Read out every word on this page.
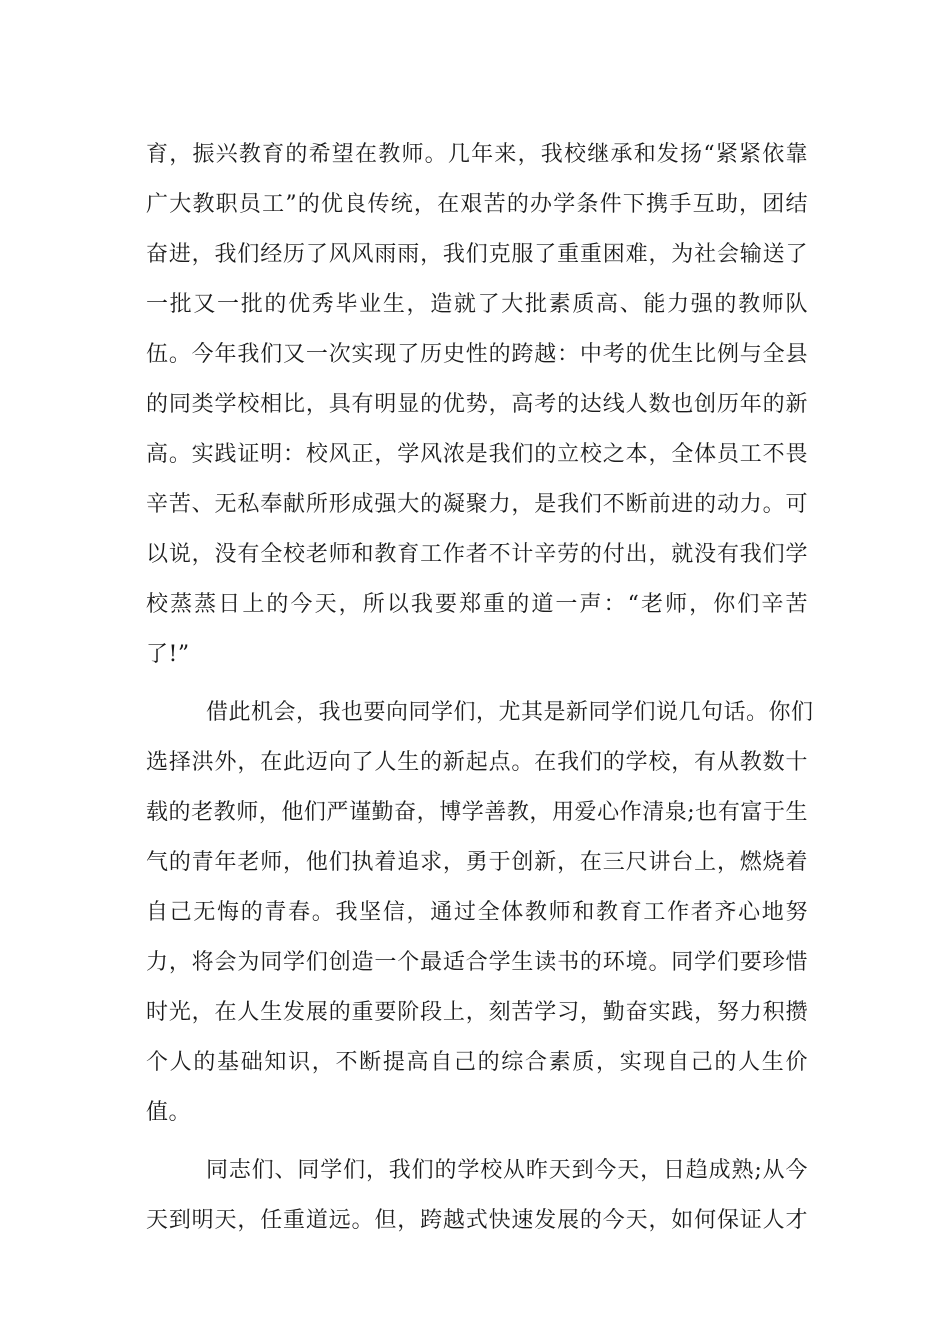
育，振兴教育的希望在教师。几年来，我校继承和发扬“紧紧依靠
广大教职员工”的优良传统，在艰苦的办学条件下携手互助，团结
奋进，我们经历了风风雨雨，我们克服了重重困难，为社会输送了
一批又一批的优秀毕业生，造就了大批素质高、能力强的教师队
伍。今年我们又一次实现了历史性的跨越：中考的优生比例与全县
的同类学校相比，具有明显的优势，高考的达线人数也创历年的新
高。实践证明：校风正，学风浓是我们的立校之本，全体员工不畏
辛苦、无私奉献所形成强大的凝聚力，是我们不断前进的动力。可
以说，没有全校老师和教育工作者不计辛劳的付出，就没有我们学
校蒸蒸日上的今天，所以我要郑重的道一声：“老师，你们辛苦
了!”
借此机会，我也要向同学们，尤其是新同学们说几句话。你们
选择洪外，在此迈向了人生的新起点。在我们的学校，有从教数十
载的老教师，他们严谨勤奋，博学善教，用爱心作清泉;也有富于生
气的青年老师，他们执着追求，勇于创新，在三尺讲台上，燃烧着
自己无悔的青春。我坚信，通过全体教师和教育工作者齐心地努
力，将会为同学们创造一个最适合学生读书的环境。同学们要珍惜
时光，在人生发展的重要阶段上，刻苦学习，勤奋实践，努力积攒
个人的基础知识，不断提高自己的综合素质，实现自己的人生价
值。
同志们、同学们，我们的学校从昨天到今天，日趋成熟;从今
天到明天，任重道远。但，跨越式快速发展的今天，如何保证人才
